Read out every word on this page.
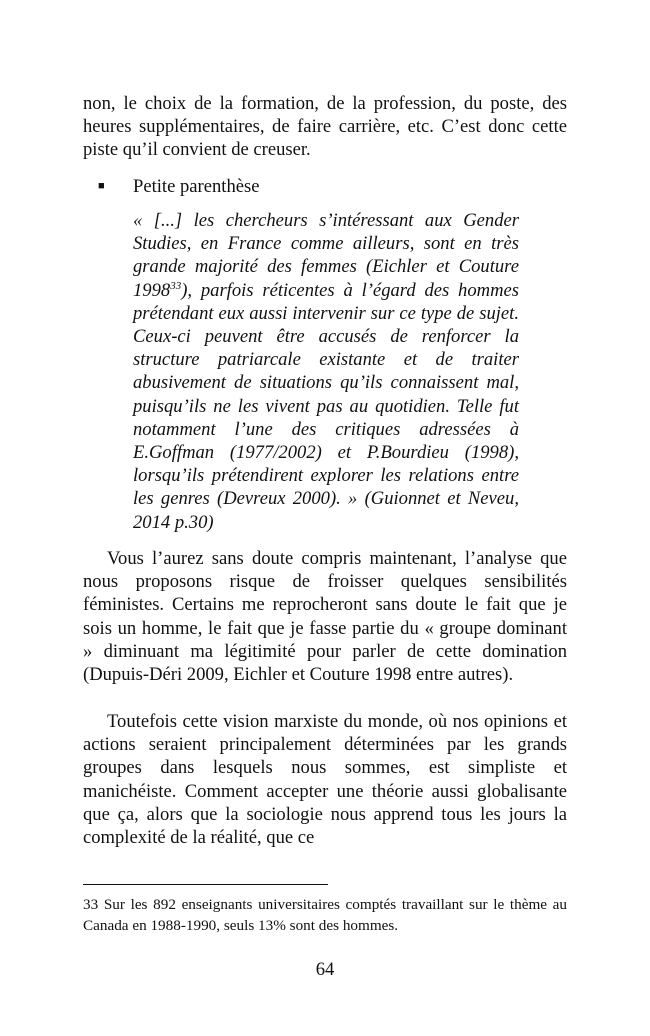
non, le choix de la formation, de la profession, du poste, des heures supplémentaires, de faire carrière, etc. C’est donc cette piste qu’il convient de creuser.
■ Petite parenthèse
« [...] les chercheurs s’intéressant aux Gender Studies, en France comme ailleurs, sont en très grande majorité des femmes (Eichler et Couture 1998$^{33}$), parfois réticentes à l’égard des hommes prétendant eux aussi intervenir sur ce type de sujet. Ceux-ci peuvent être accusés de renforcer la structure patriarcale existante et de traiter abusivement de situations qu’ils connaissent mal, puisqu’ils ne les vivent pas au quotidien. Telle fut notamment l’une des critiques adressées à E.Goffman (1977/2002) et P.Bourdieu (1998), lorsqu’ils prétendirent explorer les relations entre les genres (Devreux 2000). » (Guionnet et Neveu, 2014 p.30)
Vous l’aurez sans doute compris maintenant, l’analyse que nous proposons risque de froisser quelques sensibilités féministes. Certains me reprocheront sans doute le fait que je sois un homme, le fait que je fasse partie du « groupe dominant » diminuant ma légitimité pour parler de cette domination (Dupuis-Déri 2009, Eichler et Couture 1998 entre autres).
Toutefois cette vision marxiste du monde, où nos opinions et actions seraient principalement déterminées par les grands groupes dans lesquels nous sommes, est simpliste et manichéiste. Comment accepter une théorie aussi globalisante que ça, alors que la sociologie nous apprend tous les jours la complexité de la réalité, que ce
33 Sur les 892 enseignants universitaires comptés travaillant sur le thème au Canada en 1988-1990, seuls 13% sont des hommes.
64
